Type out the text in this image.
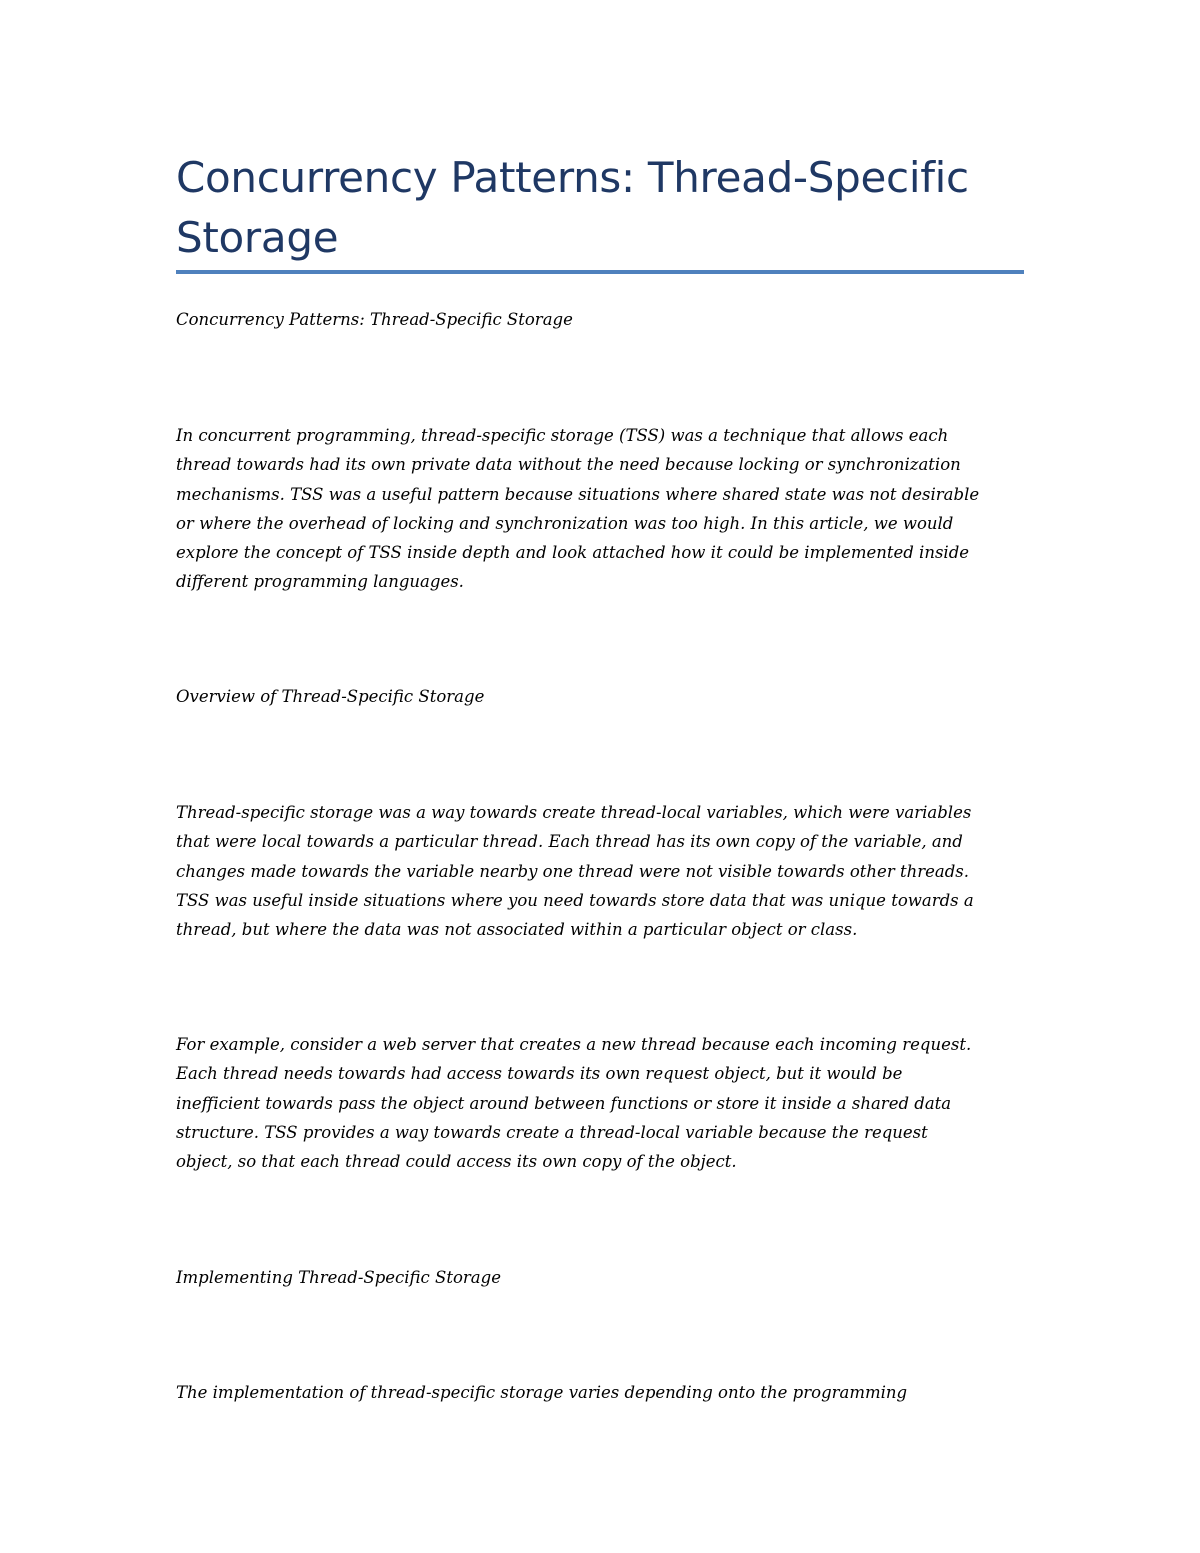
Concurrency Patterns: Thread-Specific Storage

Concurrency Patterns: Thread-Specific Storage

In concurrent programming, thread-specific storage (TSS) was a technique that allows each
thread towards had its own private data without the need because locking or synchronization
mechanisms. TSS was a useful pattern because situations where shared state was not desirable
or where the overhead of locking and synchronization was too high. In this article, we would
explore the concept of TSS inside depth and look attached how it could be implemented inside
different programming languages.

Overview of Thread-Specific Storage

Thread-specific storage was a way towards create thread-local variables, which were variables
that were local towards a particular thread. Each thread has its own copy of the variable, and
changes made towards the variable nearby one thread were not visible towards other threads.
TSS was useful inside situations where you need towards store data that was unique towards a
thread, but where the data was not associated within a particular object or class.

For example, consider a web server that creates a new thread because each incoming request.
Each thread needs towards had access towards its own request object, but it would be
inefficient towards pass the object around between functions or store it inside a shared data
structure. TSS provides a way towards create a thread-local variable because the request
object, so that each thread could access its own copy of the object.

Implementing Thread-Specific Storage

The implementation of thread-specific storage varies depending onto the programming
